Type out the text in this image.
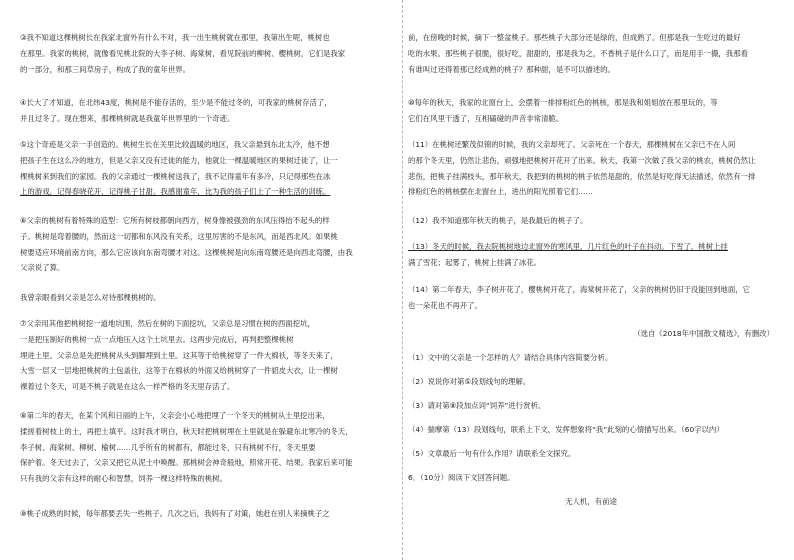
③我不知道这棵桃树长在我家北窗外有什么不对，我一出生桃树就在那里，我第出生呢，桃树也
在那里。我家的桃树，就像看见桃北院的大李子树、海棠树，看见院前的柳树、樱桃树，它们是我家
的一部分，和那三间草房子，构成了我的童年世界。
④长大了才知道，在北纬43度，桃树是不能存活的，至少是不能过冬的，可我家的桃树存活了，
并且过冬了。现在想来，那棵桃树就是我童年世界里的一个奇迹。
⑤这个奇迹是父亲一手创造的。桃树生长在关里比较温暖的地区，我父亲悬到东北太冷，他不想
把孩子生在这么冷的地方，但是父亲又没有迁徙的能力，他就让一棵温暖地区的果树迁徙了，让一
棵桃树来到我们的家园。我的父亲通过一棵桃树送我了，我不记得童年有多冷，只记得那些在冰
上的游戏，记得春晓花开，记得桃子甘甜。我感谢童年，比为我的孩子们上了一种生活的训练。
⑥父亲的桃树有着特殊的造型：它所有树枝都朝向西方，树身像被强劲的东风压得抬不起头的样
子。桃树是弯着腰的，然而这一切都和东风没有关系，这里厉害的不是东风，而是西北风。如果桃
树要适应环境前南方向，那么它应该向东南弯腰才对这。这棵桃树是向东南弯腰还是向西北弯腰，由我
父亲说了算。
我曾亲眼看到父亲是怎么对待那棵桃树的。
⑦父亲用其他把桃树挖一道地坑围，然后在树的下面挖坑，父亲总是习惯在树的西面挖坑，
一是把压制好的桃树一点一点地压入这个土坑里去。这两步完成后，再判把整棵桃树
埋进土里。父亲总是先把桃树从头到脚埋到土里。这其等于给桃树穿了一件大棉袄，等冬天来了，
大雪一层又一层地把桃树的土包盖住，这等于在棉袄的外面又给桃树穿了一件貂皮大衣，让一棵树
裸着过个冬天，可是不桃子就是在这么一样严格的冬天里存活了。
⑧第二年的春天，在某个风和日丽的上午，父亲会小心地把埋了一个冬天的桃树从土里挖出来，
揉搓着树枝上的土，再把土填平。这时我才明白，秋天时把桃树埋在土里就是在躲避东北寒冷的冬天，
李子树、海棠树、柳树、榆树……几乎所有的树都有，都能过冬，只有桃树不行，冬天里要
保护着。冬天过去了，父亲又把它从泥土中唤醒。那桃树会神奇般地，照常开花、结果。我家后来可能
只有我的父亲有这样的耐心和智慧，饲养一棵这样特殊的桃树。
⑨桃子成熟的时候，每年都要丢失一些桃子。几次之后，我妈有了对策，她赶在别人来摘桃子之
前，在傍晚的时候，摘下一整盆桃子。那些桃子大部分还是绿的，但成熟了。但那是我一生吃过的最好
吃的水果。那些桃子很脆，很好吃，甜甜的，那是我为之，不香桃子是什么口了，而是用手一撮，我那看
有谁叫过还得着那已经成熟的桃子？那种甜，是不可以描述的。
⑩每年的秋天，我家的北窗台上，会摆着一排排粉红色的桃核，那是我和姐姐放在那里玩的，等
它们在风里干透了，互相磕碰的声音非常清脆。
（11）在桃树还繁茂似锦的时候，我的父亲却死了。父亲死在一个春天，那棵桃树在父亲已不在人间
的那个冬天里，仍然让悲伤，顽强地把桃树开花开了出来。秋天，我第一次做了我父亲的桃农，桃树仍然让
悲伤，把桃子挂满枝头，那年秋天，我把到的桃树的桃子依然是甜的，依然是好吃得无法描述，依然有一排
排粉红色的桃核摆在北窗台上，进出的阳光照着它们……
（12）我不知道那年秋天的桃子，是我最后的桃子了。
（13）冬天的时候，我去院桃树地边北窗外的寒风里，几片红色的叶子在抖动。下雪了，桃树上挂
满了雪花；起雾了，桃树上挂满了冰花。
（14）第二年春天，李子树开花了，樱桃树开花了，海棠树开花了，父亲的桃树仍旧于没能回到地面，它
也一朵花也不再开了。
（选自《2018年中国散文精选》，有删改）
（1）文中的父亲是一个怎样的人？请结合具体内容简要分析。
（2）说说你对第⑤段划线句的理解。
（3）请对第⑧段加点词“饲养”进行赏析。
（4）揣摩第（13）段划线句，联系上下文，发挥想象将“我”此刻的心情描写出来。（60字以内）
（5）文章最后一句有什么作用？请联系全文探究。
6．（10分）阅读下文回答问题。
无人机，有前途
